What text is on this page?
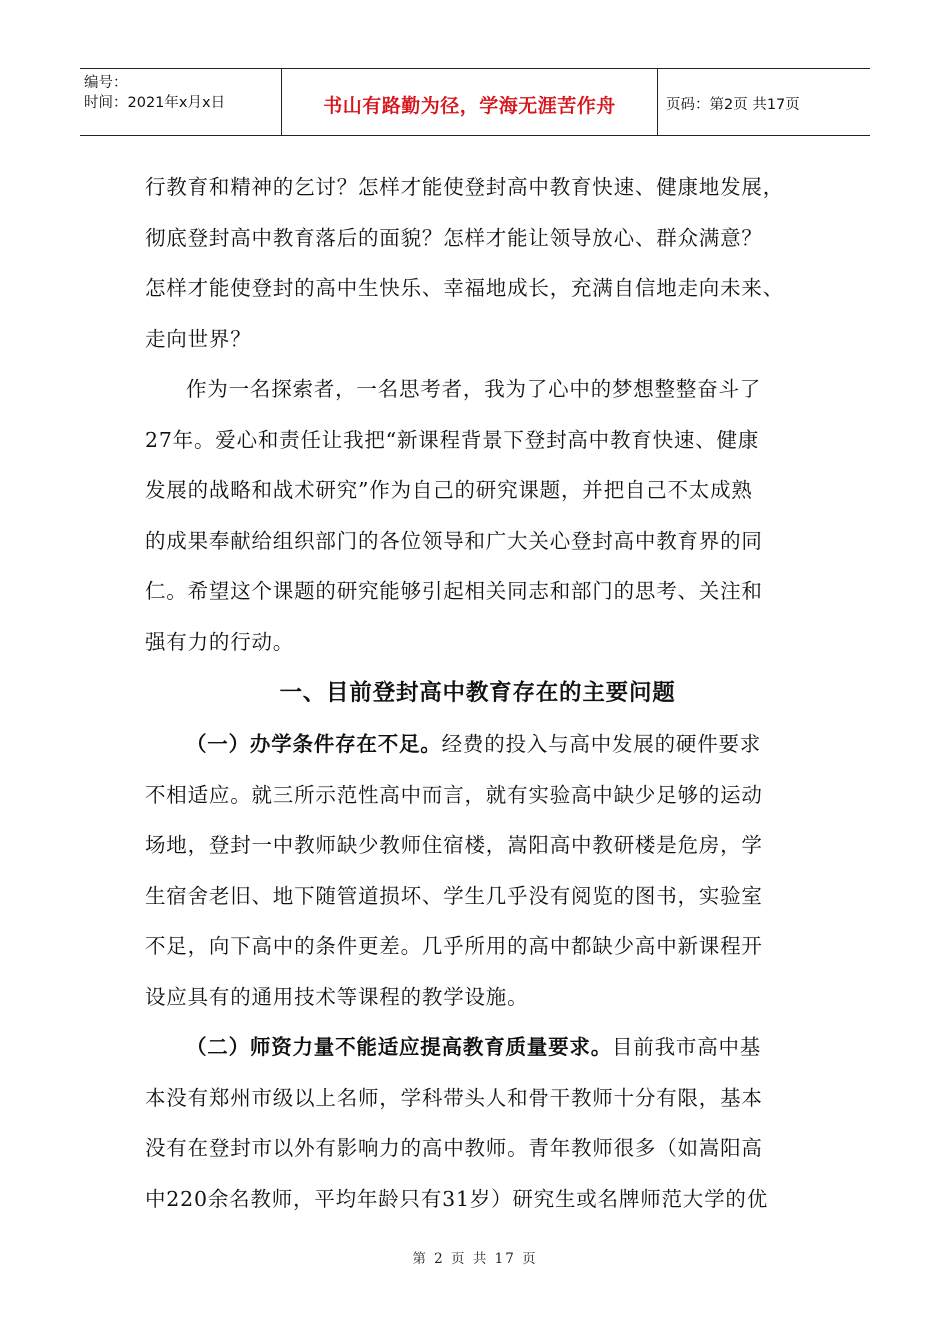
编号：
时间：2021年x月x日	书山有路勤为径，学海无涯苦作舟	页码：第2页 共17页

行教育和精神的乞讨？怎样才能使登封高中教育快速、健康地发展，
彻底登封高中教育落后的面貌？怎样才能让领导放心、群众满意？
怎样才能使登封的高中生快乐、幸福地成长，充满自信地走向未来、
走向世界？

作为一名探索者，一名思考者，我为了心中的梦想整整奋斗了
27年。爱心和责任让我把“新课程背景下登封高中教育快速、健康
发展的战略和战术研究”作为自己的研究课题，并把自己不太成熟
的成果奉献给组织部门的各位领导和广大关心登封高中教育界的同
仁。希望这个课题的研究能够引起相关同志和部门的思考、关注和
强有力的行动。

一、目前登封高中教育存在的主要问题

（一）办学条件存在不足。经费的投入与高中发展的硬件要求
不相适应。就三所示范性高中而言，就有实验高中缺少足够的运动
场地，登封一中教师缺少教师住宿楼，嵩阳高中教研楼是危房，学
生宿舍老旧、地下随管道损坏、学生几乎没有阅览的图书，实验室
不足，向下高中的条件更差。几乎所用的高中都缺少高中新课程开
设应具有的通用技术等课程的教学设施。

（二）师资力量不能适应提高教育质量要求。目前我市高中基
本没有郑州市级以上名师，学科带头人和骨干教师十分有限，基本
没有在登封市以外有影响力的高中教师。青年教师很多（如嵩阳高
中220余名教师，平均年龄只有31岁）研究生或名牌师范大学的优

第 2 页 共 17 页
